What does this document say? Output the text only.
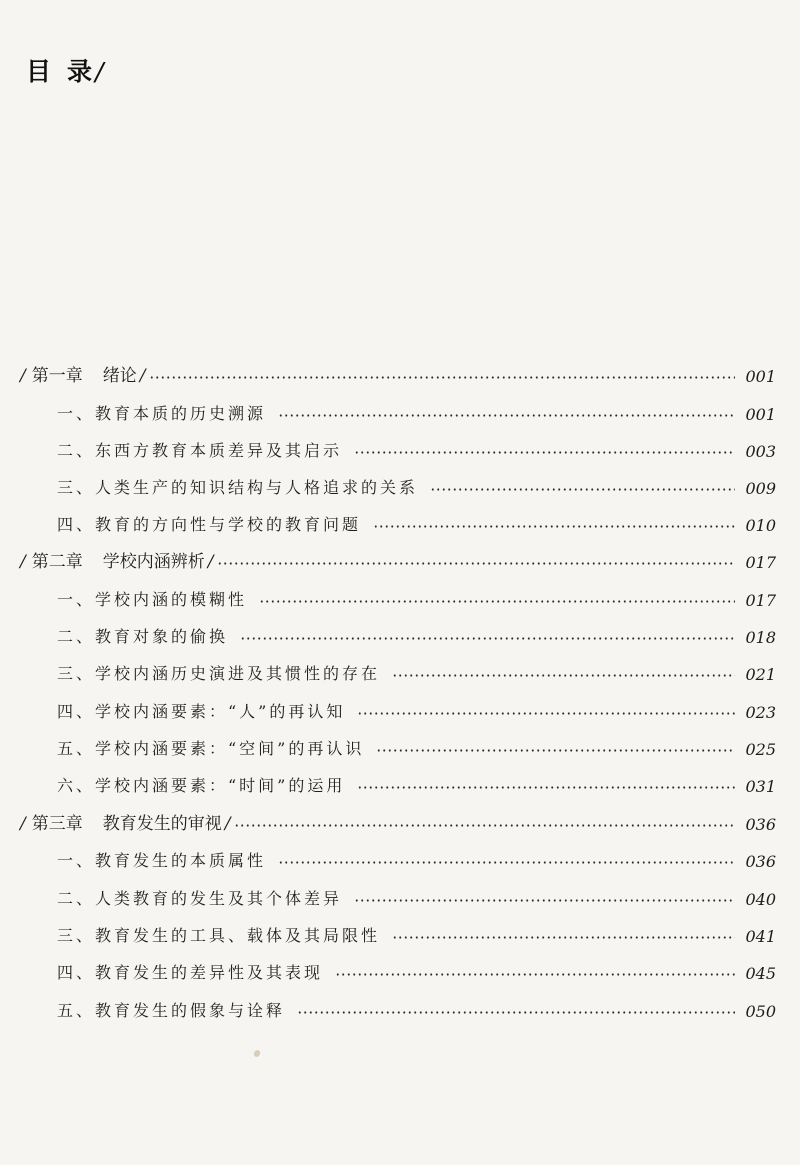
目 录/
/ 第一章 绪论 /	001
一、教育本质的历史溯源	001
二、东西方教育本质差异及其启示	003
三、人类生产的知识结构与人格追求的关系	009
四、教育的方向性与学校的教育问题	010
/ 第二章 学校内涵辨析 /	017
一、学校内涵的模糊性	017
二、教育对象的偷换	018
三、学校内涵历史演进及其惯性的存在	021
四、学校内涵要素：“人”的再认知	023
五、学校内涵要素：“空间”的再认识	025
六、学校内涵要素：“时间”的运用	031
/ 第三章 教育发生的审视 /	036
一、教育发生的本质属性	036
二、人类教育的发生及其个体差异	040
三、教育发生的工具、载体及其局限性	041
四、教育发生的差异性及其表现	045
五、教育发生的假象与诠释	050
